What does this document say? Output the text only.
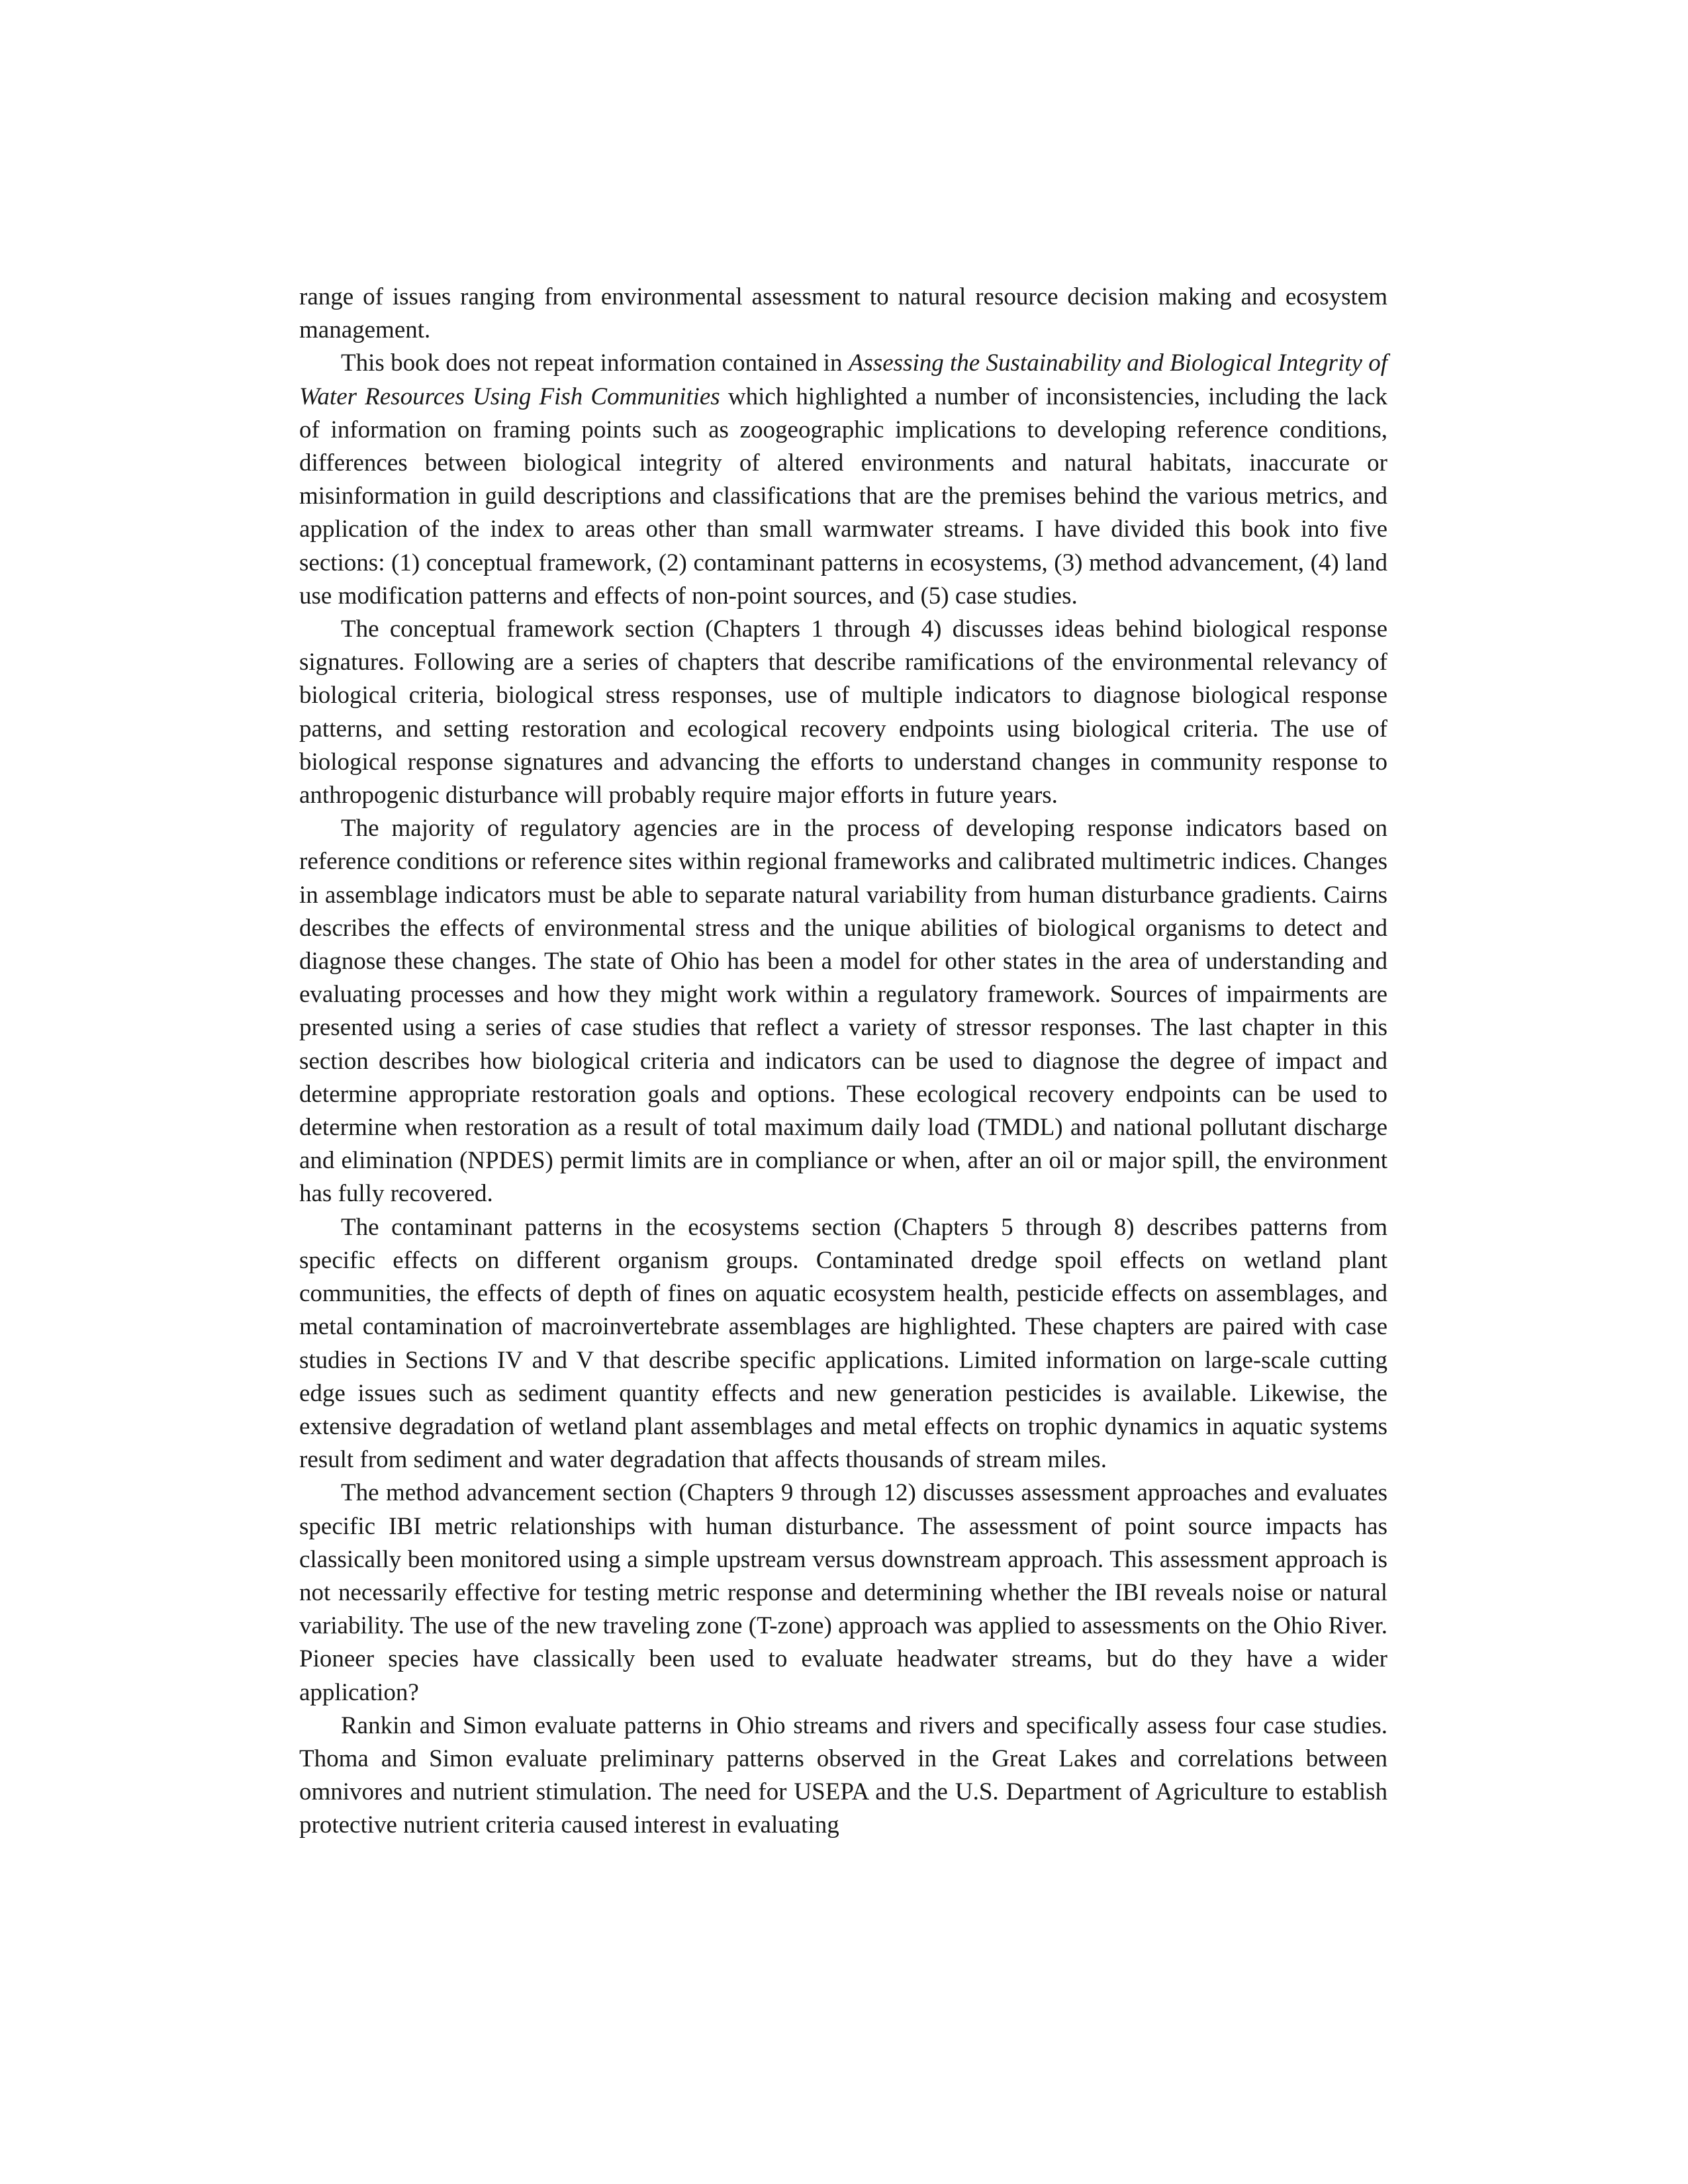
range of issues ranging from environmental assessment to natural resource decision making and ecosystem management.

This book does not repeat information contained in Assessing the Sustainability and Biological Integrity of Water Resources Using Fish Communities which highlighted a number of inconsistencies, including the lack of information on framing points such as zoogeographic implications to developing reference conditions, differences between biological integrity of altered environments and natural habitats, inaccurate or misinformation in guild descriptions and classifications that are the premises behind the various metrics, and application of the index to areas other than small warmwater streams. I have divided this book into five sections: (1) conceptual framework, (2) contaminant patterns in ecosystems, (3) method advancement, (4) land use modification patterns and effects of non-point sources, and (5) case studies.

The conceptual framework section (Chapters 1 through 4) discusses ideas behind biological response signatures. Following are a series of chapters that describe ramifications of the environmental relevancy of biological criteria, biological stress responses, use of multiple indicators to diagnose biological response patterns, and setting restoration and ecological recovery endpoints using biological criteria. The use of biological response signatures and advancing the efforts to understand changes in community response to anthropogenic disturbance will probably require major efforts in future years.

The majority of regulatory agencies are in the process of developing response indicators based on reference conditions or reference sites within regional frameworks and calibrated multimetric indices. Changes in assemblage indicators must be able to separate natural variability from human disturbance gradients. Cairns describes the effects of environmental stress and the unique abilities of biological organisms to detect and diagnose these changes. The state of Ohio has been a model for other states in the area of understanding and evaluating processes and how they might work within a regulatory framework. Sources of impairments are presented using a series of case studies that reflect a variety of stressor responses. The last chapter in this section describes how biological criteria and indicators can be used to diagnose the degree of impact and determine appropriate restoration goals and options. These ecological recovery endpoints can be used to determine when restoration as a result of total maximum daily load (TMDL) and national pollutant discharge and elimination (NPDES) permit limits are in compliance or when, after an oil or major spill, the environment has fully recovered.

The contaminant patterns in the ecosystems section (Chapters 5 through 8) describes patterns from specific effects on different organism groups. Contaminated dredge spoil effects on wetland plant communities, the effects of depth of fines on aquatic ecosystem health, pesticide effects on assemblages, and metal contamination of macroinvertebrate assemblages are highlighted. These chapters are paired with case studies in Sections IV and V that describe specific applications. Limited information on large-scale cutting edge issues such as sediment quantity effects and new generation pesticides is available. Likewise, the extensive degradation of wetland plant assemblages and metal effects on trophic dynamics in aquatic systems result from sediment and water degradation that affects thousands of stream miles.

The method advancement section (Chapters 9 through 12) discusses assessment approaches and evaluates specific IBI metric relationships with human disturbance. The assessment of point source impacts has classically been monitored using a simple upstream versus downstream approach. This assessment approach is not necessarily effective for testing metric response and determining whether the IBI reveals noise or natural variability. The use of the new traveling zone (T-zone) approach was applied to assessments on the Ohio River. Pioneer species have classically been used to evaluate headwater streams, but do they have a wider application?

Rankin and Simon evaluate patterns in Ohio streams and rivers and specifically assess four case studies. Thoma and Simon evaluate preliminary patterns observed in the Great Lakes and correlations between omnivores and nutrient stimulation. The need for USEPA and the U.S. Department of Agriculture to establish protective nutrient criteria caused interest in evaluating
